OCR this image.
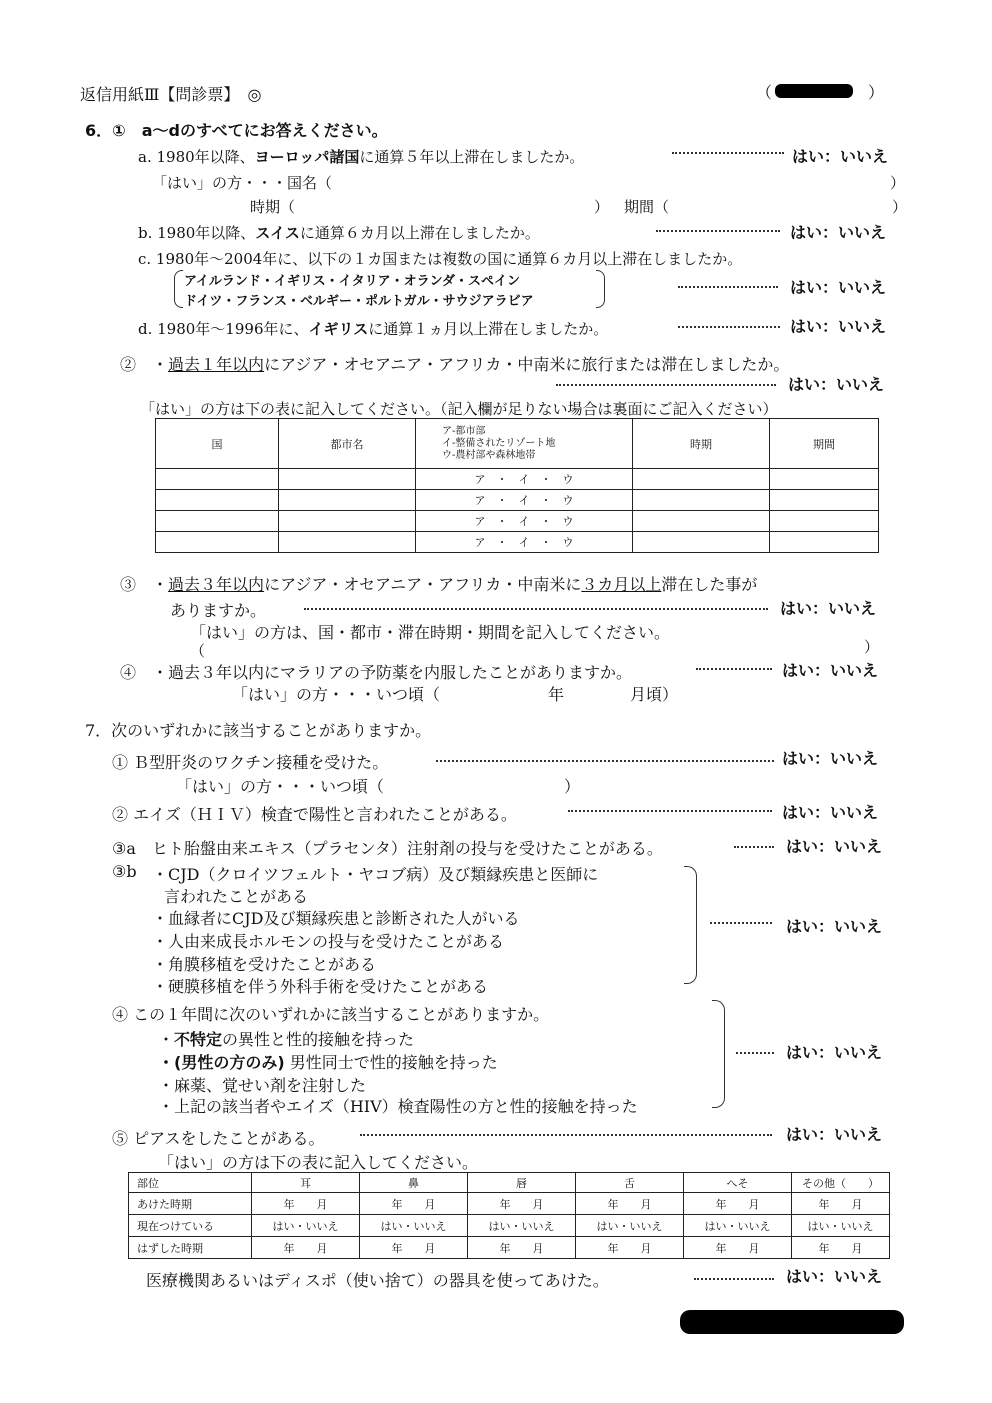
返信用紙Ⅲ【問診票】　 ◎	（	）
6．①　 a～dのすべてにお答えください。
a. 1980年以降、ヨーロッパ諸国に通算５年以上滞在しましたか。	はい：いいえ
「はい」の方・・・国名（	）
時期（	） 期間（	）
b. 1980年以降、スイスに通算６カ月以上滞在しましたか。	はい：いいえ
c. 1980年～2004年に、以下の１カ国または複数の国に通算６カ月以上滞在しましたか。
アイルランド・イギリス・イタリア・オランダ・スペイン
ドイツ・フランス・ベルギー・ポルトガル・サウジアラビア
はい：いいえ
d. 1980年～1996年に、イギリスに通算１ヵ月以上滞在しましたか。	はい：いいえ
②　 ・過去１年以内にアジア・オセアニア・アフリカ・中南米に旅行または滞在しましたか。
はい：いいえ
「はい」の方は下の表に記入してください。（記入欄が足りない場合は裏面にご記入ください）
国	都市名	ア-都市部
イ-整備されたリゾート地
ウ-農村部や森林地帯	時期	期間
		ア　・　イ　・　ウ		
		ア　・　イ　・　ウ		
		ア　・　イ　・　ウ		
		ア　・　イ　・　ウ		
③　 ・過去３年以内にアジア・オセアニア・アフリカ・中南米に３カ月以上滞在した事が
ありますか。	はい：いいえ
「はい」の方は、国・都市・滞在時期・期間を記入してください。
（	）
④　 ・過去３年以内にマラリアの予防薬を内服したことがありますか。	はい：いいえ
「はい」の方・・・いつ頃（	年	月頃）
7．次のいずれかに該当することがありますか。
① Ｂ型肝炎のワクチン接種を受けた。	はい：いいえ
「はい」の方・・・いつ頃（	）
② エイズ（ＨＩＶ）検査で陽性と言われたことがある。	はい：いいえ
③a　ヒト胎盤由来エキス（プラセンタ）注射剤の投与を受けたことがある。	はい：いいえ
③b ・CJD（クロイツフェルト・ヤコブ病）及び類縁疾患と医師に
言われたことがある
・血縁者にCJD及び類縁疾患と診断された人がいる
・人由来成長ホルモンの投与を受けたことがある
・角膜移植を受けたことがある
・硬膜移植を伴う外科手術を受けたことがある
はい：いいえ
④ この１年間に次のいずれかに該当することがありますか。
・不特定の異性と性的接触を持った
・(男性の方のみ) 男性同士で性的接触を持った
・麻薬、覚せい剤を注射した
・上記の該当者やエイズ（HIV）検査陽性の方と性的接触を持った
はい：いいえ
⑤ ピアスをしたことがある。	はい：いいえ
「はい」の方は下の表に記入してください。
部位	耳	鼻	唇	舌	へそ	その他（　　）
あけた時期	年　　月	年　　月	年　　月	年　　月	年　　月	年　　月
現在つけている	はい・いいえ	はい・いいえ	はい・いいえ	はい・いいえ	はい・いいえ	はい・いいえ
はずした時期	年　　月	年　　月	年　　月	年　　月	年　　月	年　　月
医療機関あるいはディスポ（使い捨て）の器具を使ってあけた。	はい：いいえ
